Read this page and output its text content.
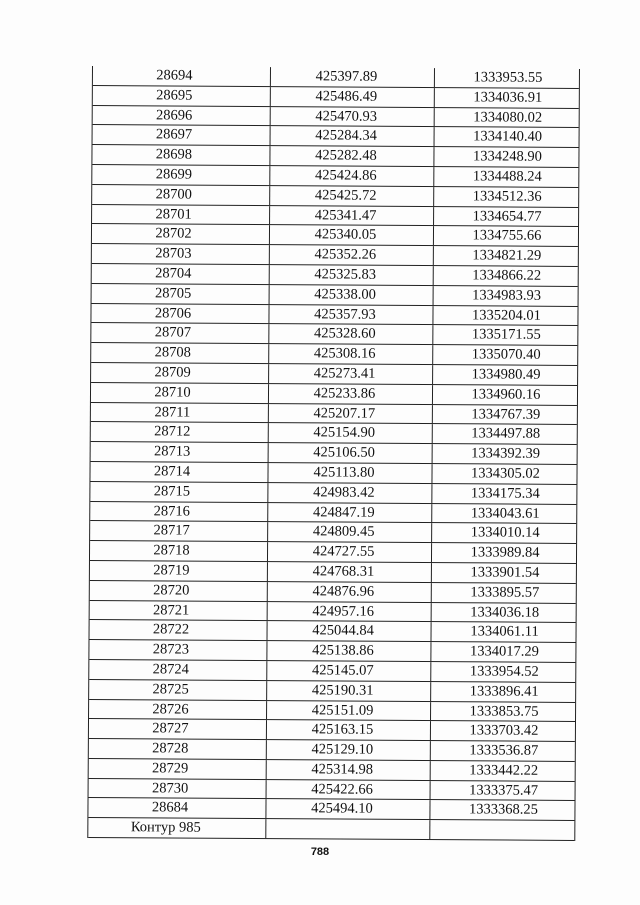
28694	425397.89	1333953.55
28695	425486.49	1334036.91
28696	425470.93	1334080.02
28697	425284.34	1334140.40
28698	425282.48	1334248.90
28699	425424.86	1334488.24
28700	425425.72	1334512.36
28701	425341.47	1334654.77
28702	425340.05	1334755.66
28703	425352.26	1334821.29
28704	425325.83	1334866.22
28705	425338.00	1334983.93
28706	425357.93	1335204.01
28707	425328.60	1335171.55
28708	425308.16	1335070.40
28709	425273.41	1334980.49
28710	425233.86	1334960.16
28711	425207.17	1334767.39
28712	425154.90	1334497.88
28713	425106.50	1334392.39
28714	425113.80	1334305.02
28715	424983.42	1334175.34
28716	424847.19	1334043.61
28717	424809.45	1334010.14
28718	424727.55	1333989.84
28719	424768.31	1333901.54
28720	424876.96	1333895.57
28721	424957.16	1334036.18
28722	425044.84	1334061.11
28723	425138.86	1334017.29
28724	425145.07	1333954.52
28725	425190.31	1333896.41
28726	425151.09	1333853.75
28727	425163.15	1333703.42
28728	425129.10	1333536.87
28729	425314.98	1333442.22
28730	425422.66	1333375.47
28684	425494.10	1333368.25
Контур 985
788
